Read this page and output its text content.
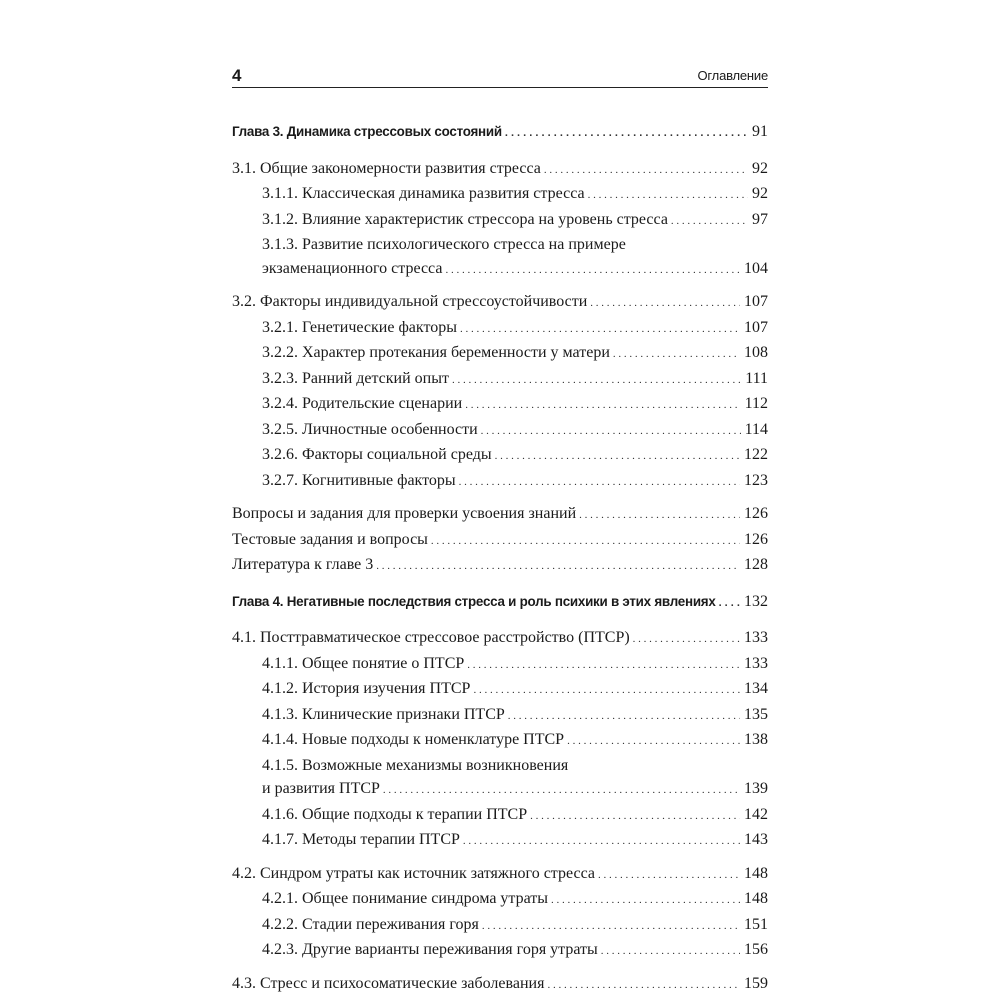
4	Оглавление
Глава 3. Динамика стрессовых состояний . . .	91
3.1. Общие закономерности развития стресса . . .	92
3.1.1. Классическая динамика развития стресса . . .	92
3.1.2. Влияние характеристик стрессора на уровень стресса . . .	97
3.1.3. Развитие психологического стресса на примере
экзаменационного стресса . . .	104
3.2. Факторы индивидуальной стрессоустойчивости . . .	107
3.2.1. Генетические факторы . . .	107
3.2.2. Характер протекания беременности у матери . . .	108
3.2.3. Ранний детский опыт . . .	111
3.2.4. Родительские сценарии . . .	112
3.2.5. Личностные особенности . . .	114
3.2.6. Факторы социальной среды . . .	122
3.2.7. Когнитивные факторы . . .	123
Вопросы и задания для проверки усвоения знаний . . .	126
Тестовые задания и вопросы . . .	126
Литература к главе 3 . . .	128
Глава 4. Негативные последствия стресса и роль психики в этих явлениях . . . 132
4.1. Посттравматическое стрессовое расстройство (ПТСР) . . .	133
4.1.1. Общее понятие о ПТСР . . .	133
4.1.2. История изучения ПТСР . . .	134
4.1.3. Клинические признаки ПТСР . . .	135
4.1.4. Новые подходы к номенклатуре ПТСР . . .	138
4.1.5. Возможные механизмы возникновения
и развития ПТСР . . .	139
4.1.6. Общие подходы к терапии ПТСР . . .	142
4.1.7. Методы терапии ПТСР . . .	143
4.2. Синдром утраты как источник затяжного стресса . . .	148
4.2.1. Общее понимание синдрома утраты . . .	148
4.2.2. Стадии переживания горя . . .	151
4.2.3. Другие варианты переживания горя утраты . . .	156
4.3. Стресс и психосоматические заболевания . . .	159
